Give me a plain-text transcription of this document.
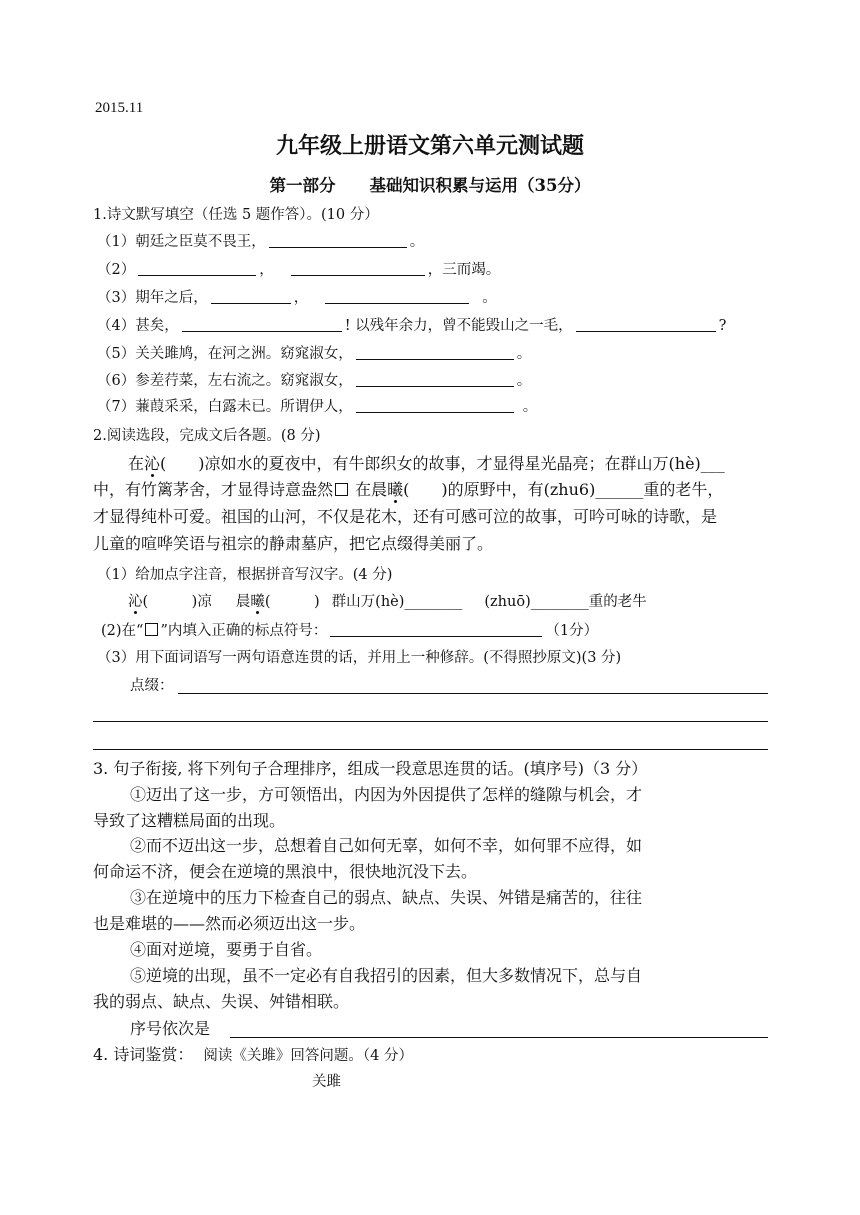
2015.11
九年级上册语文第六单元测试题
第一部分 基础知识积累与运用（35分）
1.诗文默写填空（任选 5 题作答）。(10 分）
（1）朝廷之臣莫不畏王，	。
（2）	，	，三而竭。
（3）期年之后，	，	。
（4）甚矣，	! 以残年余力，曾不能毁山之一毛，	?
（5）关关雎鸠，在河之洲。窈窕淑女，	。
（6）参差荇菜，左右流之。窈窕淑女，	。
（7）蒹葭采采，白露未已。所谓伊人，	。
2.阅读选段，完成文后各题。(8 分)
在沁(　　)凉如水的夏夜中，有牛郎织女的故事，才显得星光晶亮；在群山万(hè)___
中，有竹篱茅舍，才显得诗意盎然 在晨曦(　　)的原野中，有(zhu6)______重的老牛，
才显得纯朴可爱。祖国的山河，不仅是花木，还有可感可泣的故事，可吟可咏的诗歌，是
儿童的喧哗笑语与祖宗的静肃墓庐，把它点缀得美丽了。
（1）给加点字注音，根据拼音写汉字。(4 分)
沁(　　　)凉 晨曦(　　　) 群山万(hè)________ (zhuō)________重的老牛
(2)在“ ”内填入正确的标点符号：	（1分）
（3）用下面词语写一两句语意连贯的话，并用上一种修辞。(不得照抄原文)(3 分)
点缀：
3. 句子衔接, 将下列句子合理排序，组成一段意思连贯的话。(填序号)（3 分）
①迈出了这一步，方可领悟出，内因为外因提供了怎样的缝隙与机会，才
导致了这糟糕局面的出现。
②而不迈出这一步，总想着自己如何无辜，如何不幸，如何罪不应得，如
何命运不济，便会在逆境的黑浪中，很快地沉没下去。
③在逆境中的压力下检查自己的弱点、缺点、失误、舛错是痛苦的，往往
也是难堪的——然而必须迈出这一步。
④面对逆境，要勇于自省。
⑤逆境的出现，虽不一定必有自我招引的因素，但大多数情况下，总与自
我的弱点、缺点、失误、舛错相联。
序号依次是
4. 诗词鉴赏： 阅读《关雎》回答问题。（4 分）
关雎
